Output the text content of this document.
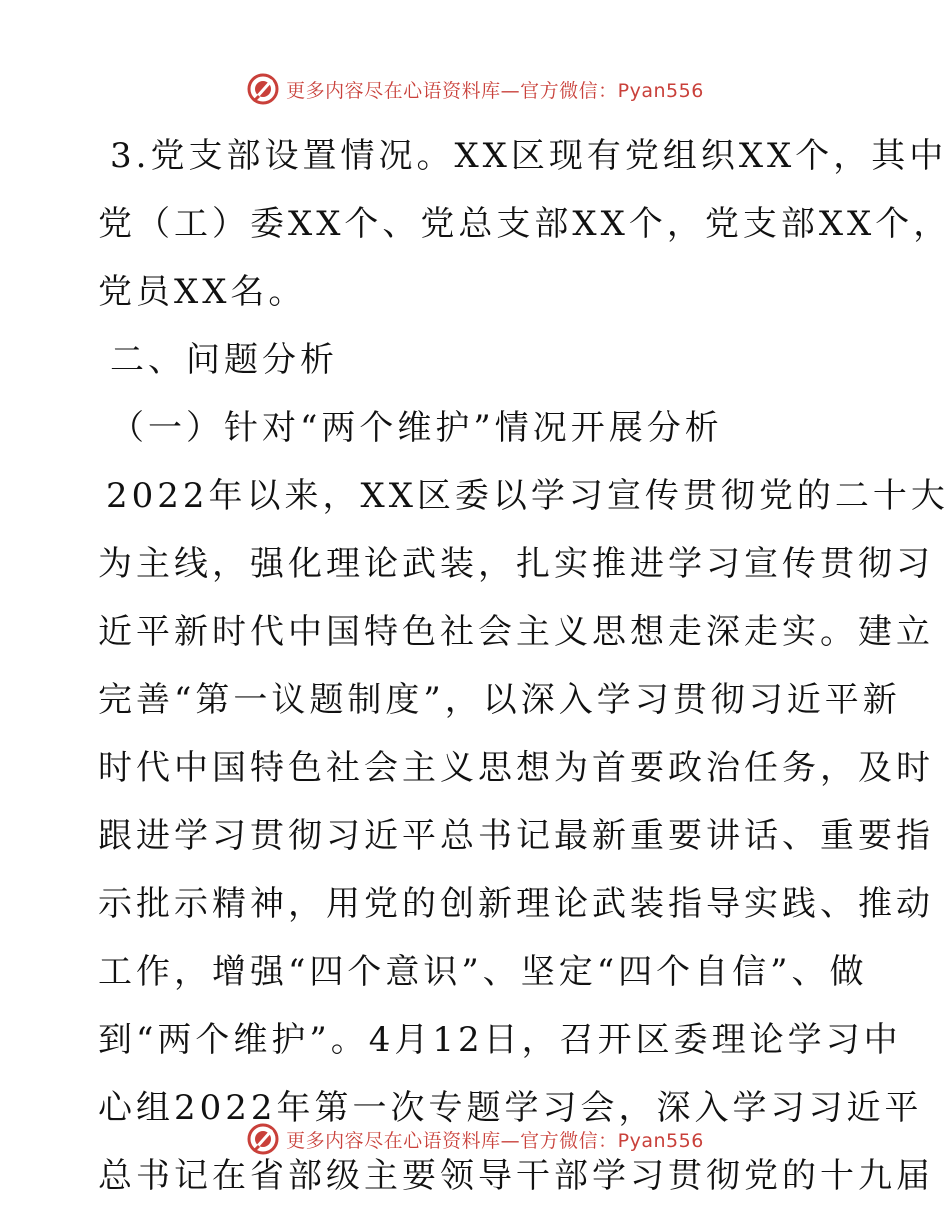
更多内容尽在心语资料库—官方微信：Pyan556
3.党支部设置情况。XX区现有党组织XX个，其中
党（工）委XX个、党总支部XX个，党支部XX个，
党员XX名。
二、问题分析
（一）针对“两个维护”情况开展分析
2022年以来，XX区委以学习宣传贯彻党的二十大
为主线，强化理论武装，扎实推进学习宣传贯彻习
近平新时代中国特色社会主义思想走深走实。建立
完善“第一议题制度”，以深入学习贯彻习近平新
时代中国特色社会主义思想为首要政治任务，及时
跟进学习贯彻习近平总书记最新重要讲话、重要指
示批示精神，用党的创新理论武装指导实践、推动
工作，增强“四个意识”、坚定“四个自信”、做
到“两个维护”。4月12日，召开区委理论学习中
心组2022年第一次专题学习会，深入学习习近平
总书记在省部级主要领导干部学习贯彻党的十九届
更多内容尽在心语资料库—官方微信：Pyan556
